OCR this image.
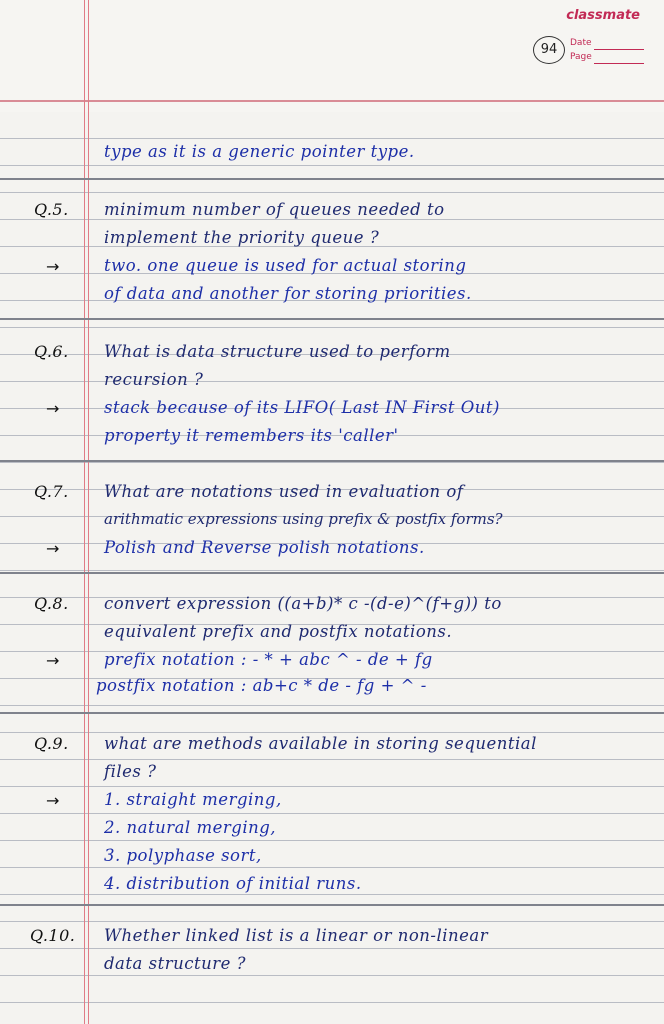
classmate
94	Date
Page
type as it is a generic pointer type.
Q.5. minimum number of queues needed to
implement the priority queue ?
→	two. one queue is used for actual storing
of data and another for storing priorities.
Q.6. What is data structure used to perform
recursion ?
→	stack because of its LIFO( Last IN First Out)
property it remembers its 'caller'
Q.7. What are notations used in evaluation of
arithmatic expressions using prefix & postfix forms?
→	Polish and Reverse polish notations.
Q.8. convert expression ((a+b)* c -(d-e)^(f+g)) to
equivalent prefix and postfix notations.
→	prefix notation : - * + abc ^ - de + fg
postfix notation : ab+c * de - fg + ^ -
Q.9. what are methods available in storing sequential
files ?
→	1. straight merging,
2. natural merging,
3. polyphase sort,
4. distribution of initial runs.
Q.10. Whether linked list is a linear or non-linear
data structure ?
